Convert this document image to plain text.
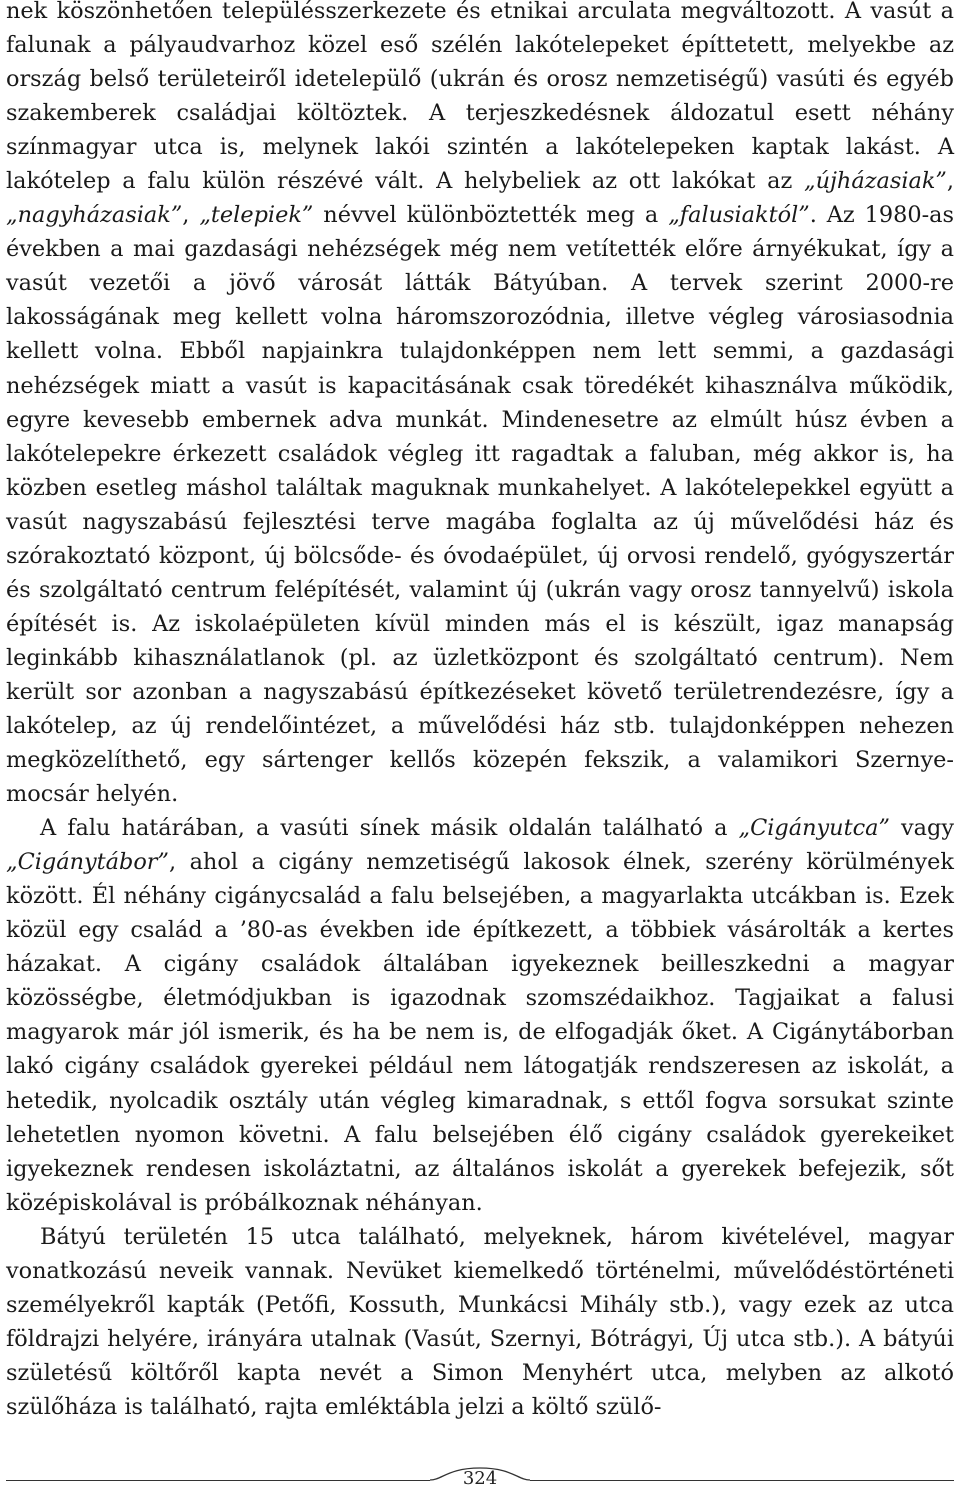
nek köszönhetően településszerkezete és etnikai arculata megváltozott. A vasút a falunak a pályaudvarhoz közel eső szélén lakótelepeket építtetett, melyekbe az ország belső területeiről idetelepülő (ukrán és orosz nemzetiségű) vasúti és egyéb szakemberek családjai költöztek. A terjeszkedésnek áldozatul esett néhány színmagyar utca is, melynek lakói szintén a lakótelepeken kaptak lakást. A lakótelep a falu külön részévé vált. A helybeliek az ott lakókat az „újházasiak”, „nagyházasiak”, „telepiek” névvel különböztették meg a „falusiaktól”. Az 1980-as években a mai gazdasági nehézségek még nem vetítették előre árnyékukat, így a vasút vezetői a jövő városát látták Bátyúban. A tervek szerint 2000-re lakosságának meg kellett volna háromszorozódnia, illetve végleg városiasodnia kellett volna. Ebből napjainkra tulajdonképpen nem lett semmi, a gazdasági nehézségek miatt a vasút is kapacitásának csak töredékét kihasználva működik, egyre kevesebb embernek adva munkát. Mindenesetre az elmúlt húsz évben a lakótelepekre érkezett családok végleg itt ragadtak a faluban, még akkor is, ha közben esetleg máshol találtak maguknak munkahelyet. A lakótelepekkel együtt a vasút nagyszabású fejlesztési terve magába foglalta az új művelődési ház és szórakoztató központ, új bölcsőde- és óvodaépület, új orvosi rendelő, gyógyszertár és szolgáltató centrum felépítését, valamint új (ukrán vagy orosz tannyelvű) iskola építését is. Az iskolaépületen kívül minden más el is készült, igaz manapság leginkább kihasználatlanok (pl. az üzletközpont és szolgáltató centrum). Nem került sor azonban a nagyszabású építkezéseket követő területrendezésre, így a lakótelep, az új rendelőintézet, a művelődési ház stb. tulajdonképpen nehezen megközelíthető, egy sártenger kellős közepén fekszik, a valamikori Szernye-mocsár helyén.

A falu határában, a vasúti sínek másik oldalán található a „Cigányutca” vagy „Cigánytábor”, ahol a cigány nemzetiségű lakosok élnek, szerény körülmények között. Él néhány cigánycsalád a falu belsejében, a magyarlakta utcákban is. Ezek közül egy család a ’80-as években ide építkezett, a többiek vásárolták a kertes házakat. A cigány családok általában igyekeznek beilleszkedni a magyar közösségbe, életmódjukban is igazodnak szomszédaikhoz. Tagjaikat a falusi magyarok már jól ismerik, és ha be nem is, de elfogadják őket. A Cigánytáborban lakó cigány családok gyerekei például nem látogatják rendszeresen az iskolát, a hetedik, nyolcadik osztály után végleg kimaradnak, s ettől fogva sorsukat szinte lehetetlen nyomon követni. A falu belsejében élő cigány családok gyerekeiket igyekeznek rendesen iskoláztatni, az általános iskolát a gyerekek befejezik, sőt középiskolával is próbálkoznak néhányan.

Bátyú területén 15 utca található, melyeknek, három kivételével, magyar vonatkozású neveik vannak. Nevüket kiemelkedő történelmi, művelődéstörténeti személyekről kapták (Petőfi, Kossuth, Munkácsi Mihály stb.), vagy ezek az utca földrajzi helyére, irányára utalnak (Vasút, Szernyi, Bótrágyi, Új utca stb.). A bátyúi születésű költőről kapta nevét a Simon Menyhért utca, melyben az alkotó szülőháza is található, rajta emléktábla jelzi a költő szülő-

324
